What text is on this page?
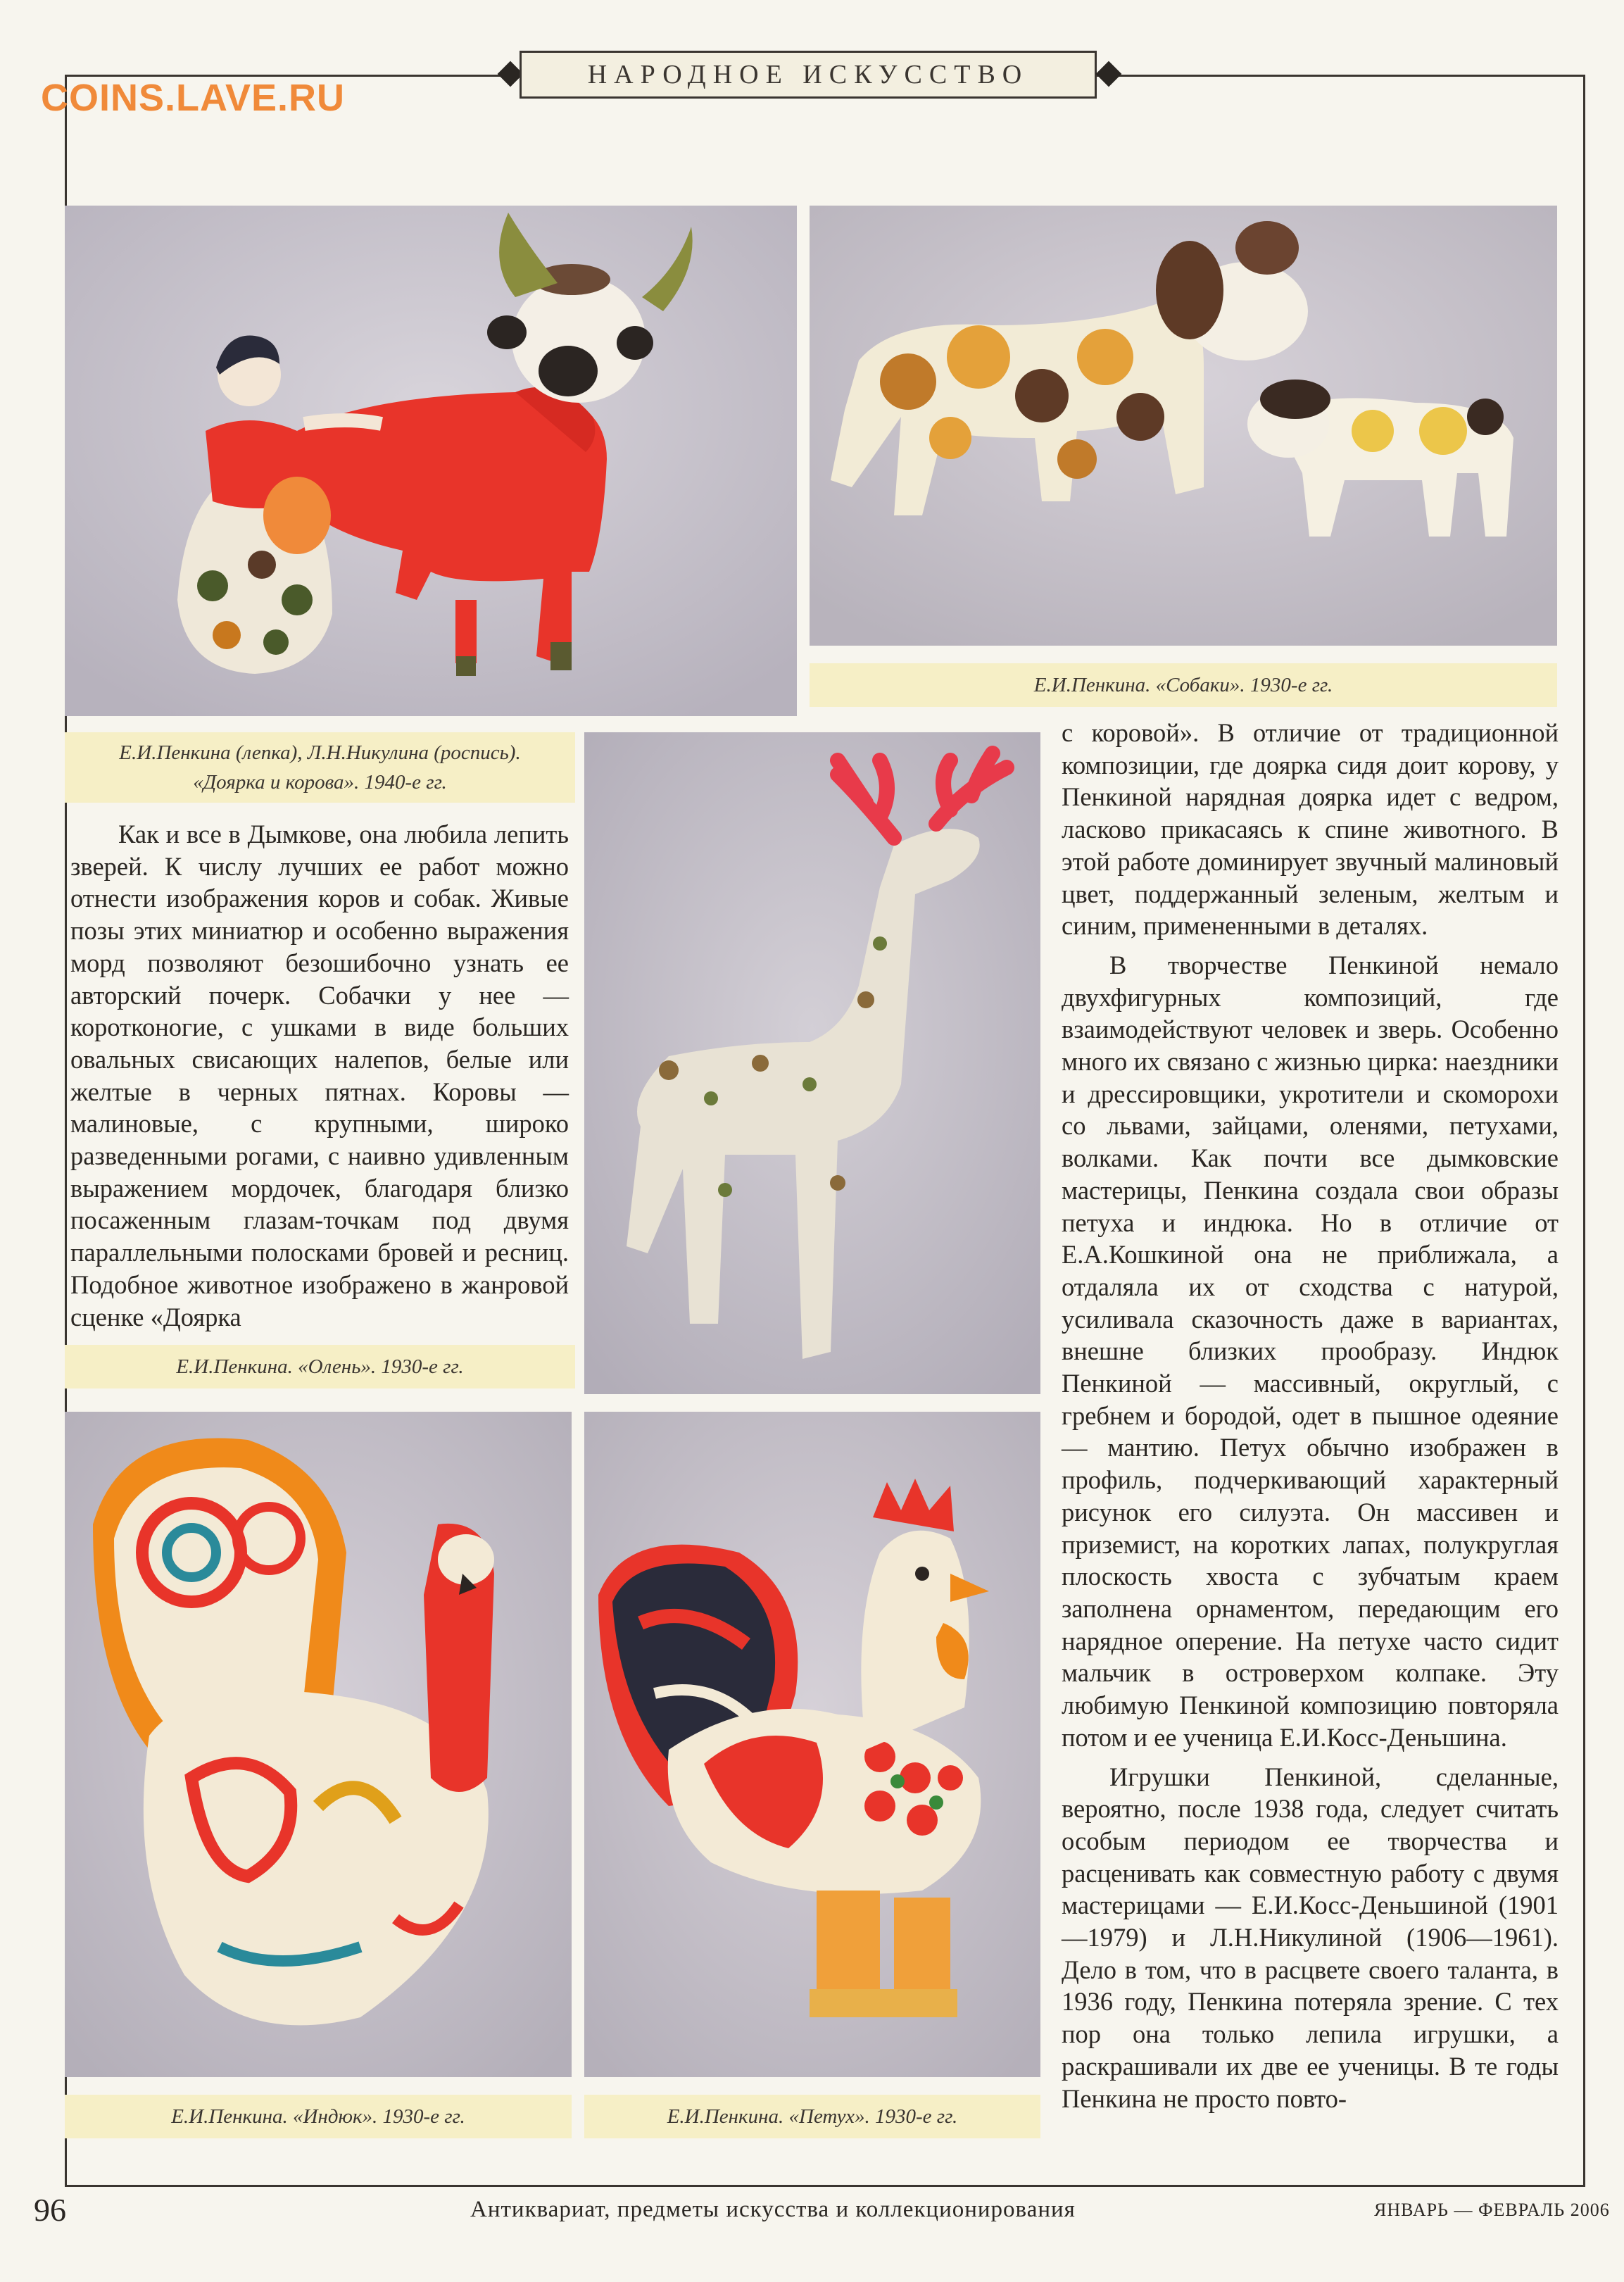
НАРОДНОЕ ИСКУССТВО
COINS.LAVE.RU
Е.И.Пенкина. «Собаки». 1930-е гг.
Е.И.Пенкина (лепка), Л.Н.Никулина (роспись).
«Доярка и корова». 1940-е гг.

Как и все в Дымкове, она любила лепить зверей. К числу лучших ее работ можно отнести изображения коров и собак. Живые позы этих миниатюр и особенно выражения морд позволяют безошибочно узнать ее авторский почерк. Собачки у нее — коротконогие, с ушками в виде больших овальных свисающих налепов, белые или желтые в черных пятнах. Коровы — малиновые, с крупными, широко разведенными рогами, с наивно удивленным выражением мордочек, благодаря близко посаженным глазам-точкам под двумя параллельными полосками бровей и ресниц. Подобное животное изображено в жанровой сценке «Доярка

Е.И.Пенкина. «Олень». 1930-е гг.

с коровой». В отличие от традиционной композиции, где доярка сидя доит корову, у Пенкиной нарядная доярка идет с ведром, ласково прикасаясь к спине животного. В этой работе доминирует звучный малиновый цвет, поддержанный зеленым, желтым и синим, примененными в деталях.

В творчестве Пенкиной немало двухфигурных композиций, где взаимодействуют человек и зверь. Особенно много их связано с жизнью цирка: наездники и дрессировщики, укротители и скоморохи со львами, зайцами, оленями, петухами, волками. Как почти все дымковские мастерицы, Пенкина создала свои образы петуха и индюка. Но в отличие от Е.А.Кошкиной она не приближала, а отдаляла их от сходства с натурой, усиливала сказочность даже в вариантах, внешне близких прообразу. Индюк Пенкиной — массивный, округлый, с гребнем и бородой, одет в пышное одеяние — мантию. Петух обычно изображен в профиль, подчеркивающий характерный рисунок его силуэта. Он массивен и приземист, на коротких лапах, полукруглая плоскость хвоста с зубчатым краем заполнена орнаментом, передающим его нарядное оперение. На петухе часто сидит мальчик в островерхом колпаке. Эту любимую Пенкиной композицию повторяла потом и ее ученица Е.И.Косс-Деньшина.

Игрушки Пенкиной, сделанные, вероятно, после 1938 года, следует считать особым периодом ее творчества и расценивать как совместную работу с двумя мастерицами — Е.И.Косс-Деньшиной (1901—1979) и Л.Н.Никулиной (1906—1961). Дело в том, что в расцвете своего таланта, в 1936 году, Пенкина потеряла зрение. С тех пор она только лепила игрушки, а раскрашивали их две ее ученицы. В те годы Пенкина не просто повто-

Е.И.Пенкина. «Индюк». 1930-е гг.	Е.И.Пенкина. «Петух». 1930-е гг.
96	Антиквариат, предметы искусства и коллекционирования	ЯНВАРЬ — ФЕВРАЛЬ 2006
